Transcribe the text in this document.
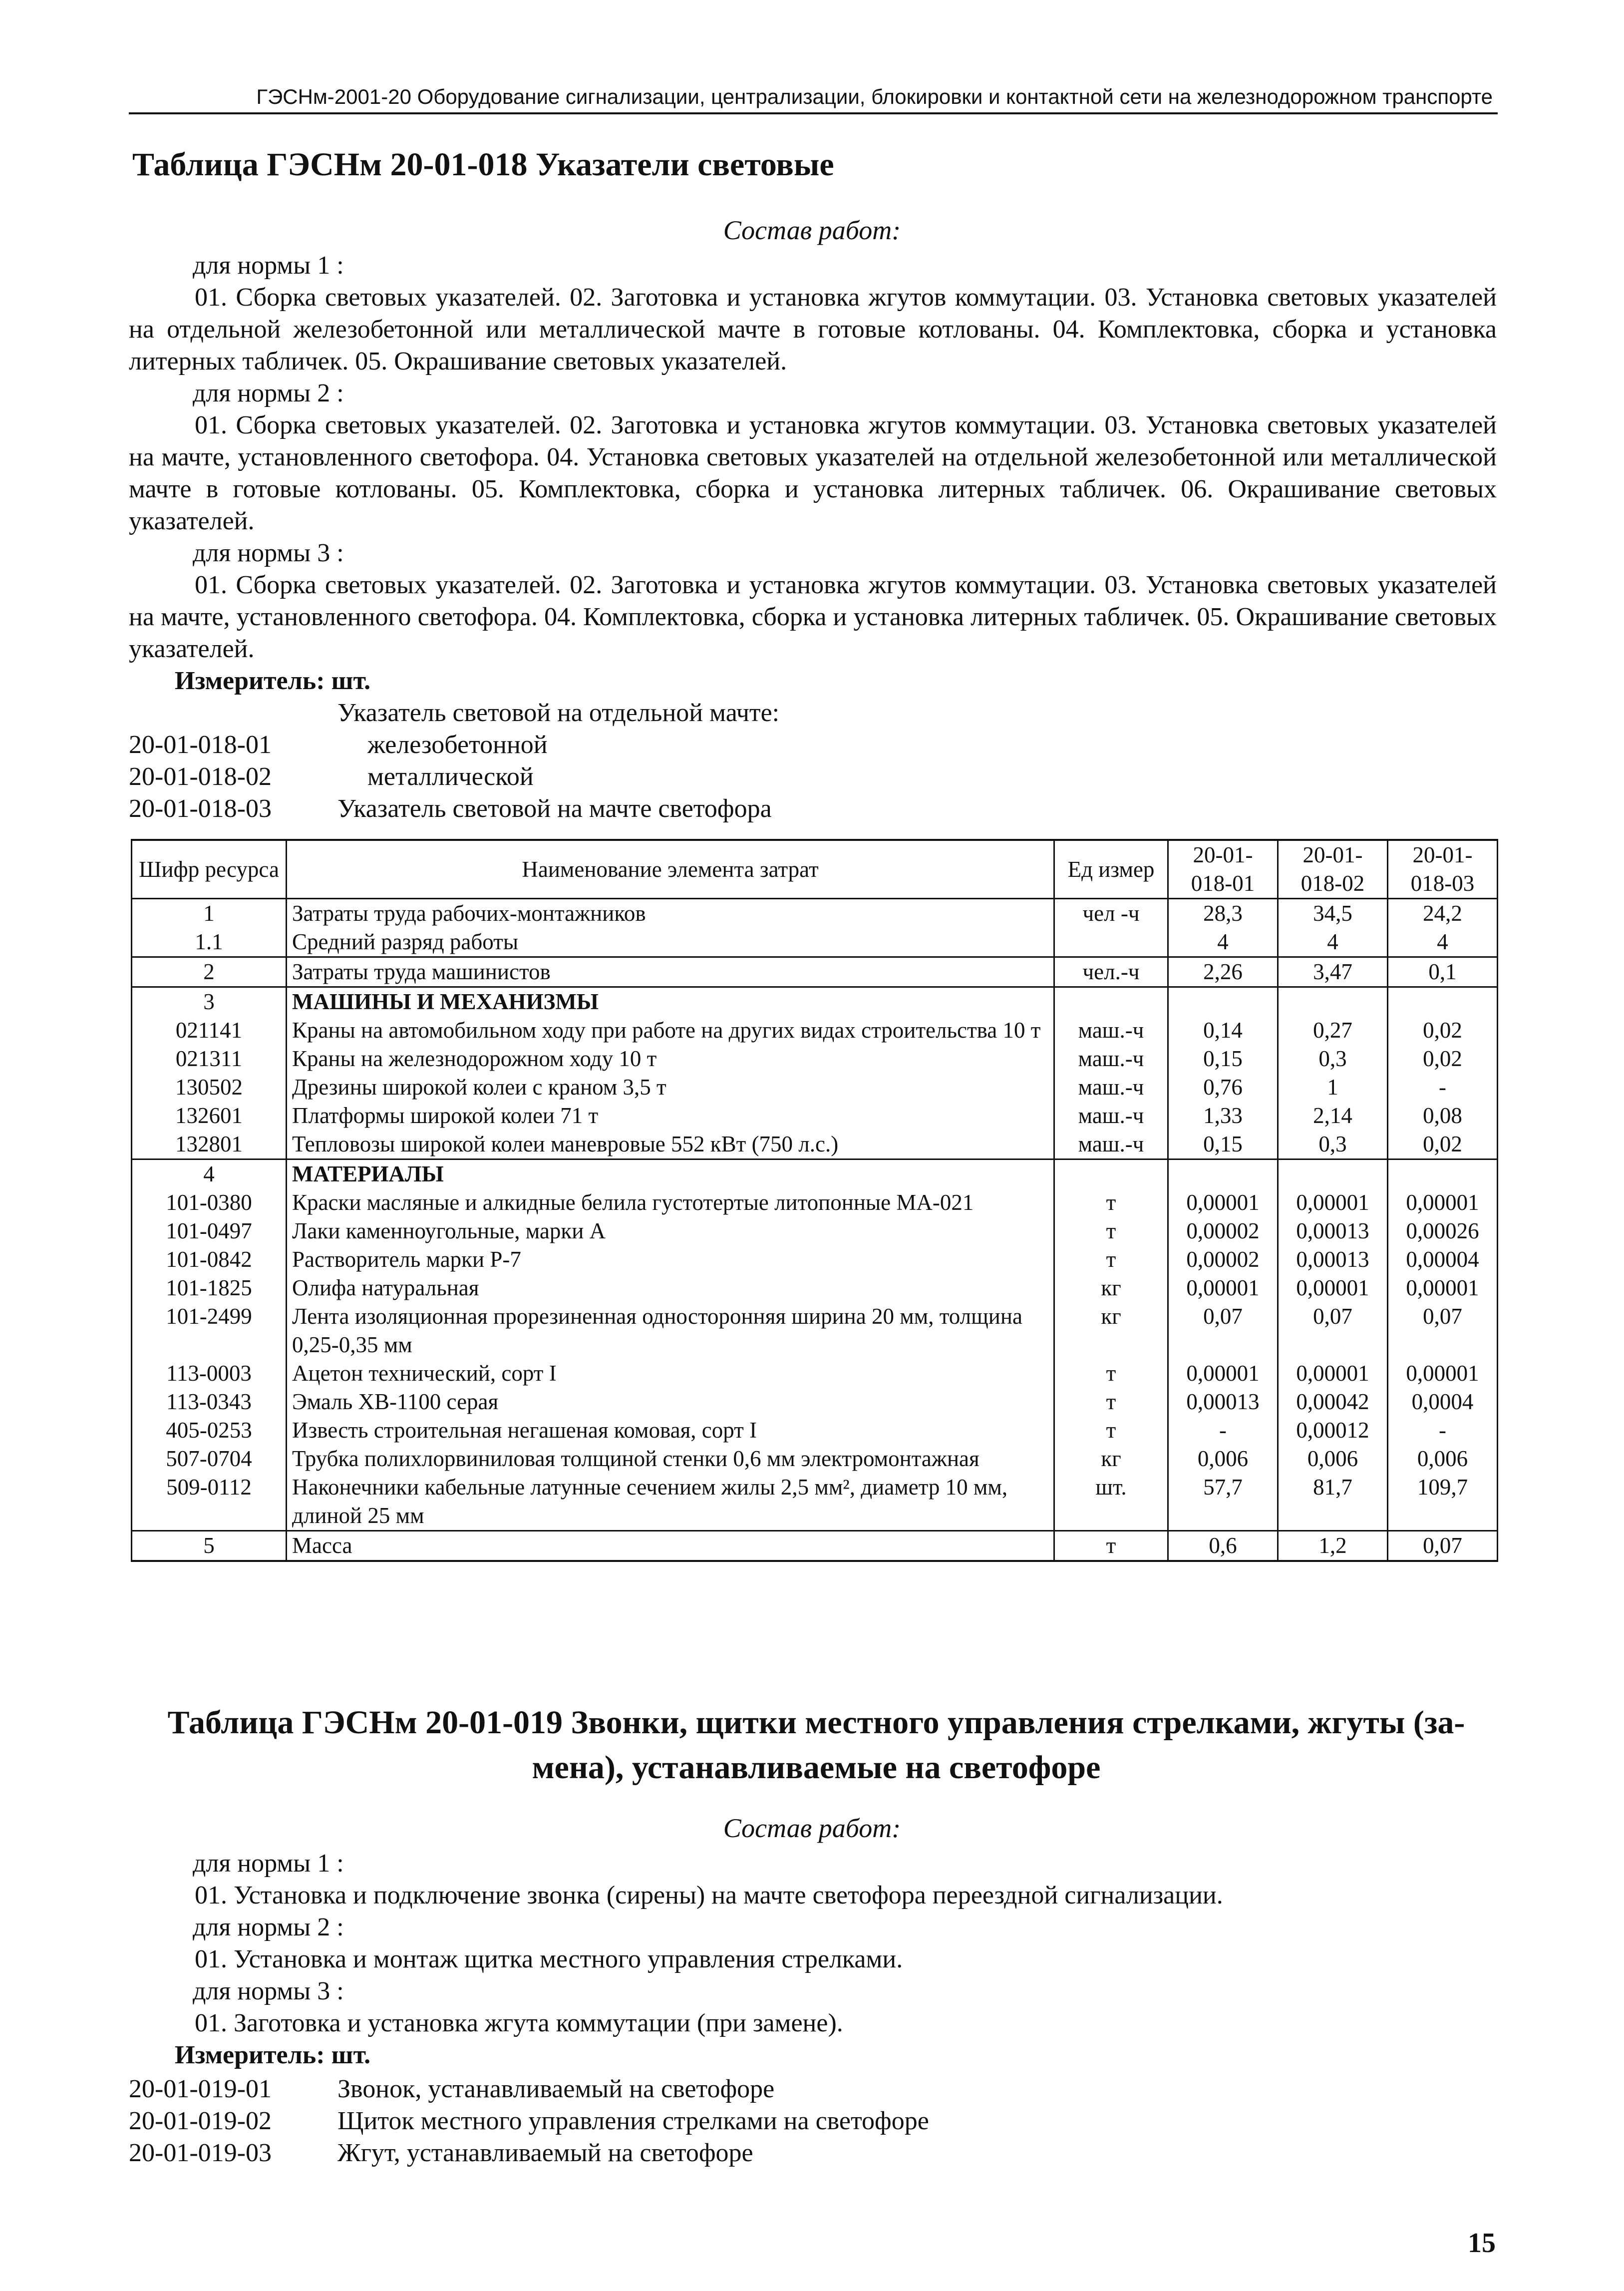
ГЭСНм-2001-20 Оборудование сигнализации, централизации, блокировки и контактной сети на железнодорожном транспорте
Таблица ГЭСНм 20-01-018 Указатели световые
Состав работ:
для нормы 1 :
01. Сборка световых указателей. 02. Заготовка и установка жгутов коммутации. 03. Установка световых указателей на отдельной железобетонной или металлической мачте в готовые котлованы. 04. Комплектовка, сборка и установка литерных табличек. 05. Окрашивание световых указателей.
для нормы 2 :
01. Сборка световых указателей. 02. Заготовка и установка жгутов коммутации. 03. Установка световых указателей на мачте, установленного светофора. 04. Установка световых указателей на отдельной железобетонной или металлической мачте в готовые котлованы. 05. Комплектовка, сборка и установка литерных табличек. 06. Окрашивание световых указателей.
для нормы 3 :
01. Сборка световых указателей. 02. Заготовка и установка жгутов коммутации. 03. Установка световых указателей на мачте, установленного светофора. 04. Комплектовка, сборка и установка литерных табличек. 05. Окрашивание световых указателей.
Измеритель: шт.
Указатель световой на отдельной мачте:
20-01-018-01	железобетонной
20-01-018-02	металлической
20-01-018-03	Указатель световой на мачте светофора
Шифр ресурса	Наименование элемента затрат	Ед измер	20-01-018-01	20-01-018-02	20-01-018-03
1	Затраты труда рабочих-монтажников	чел -ч	28,3	34,5	24,2
1.1	Средний разряд работы		4	4	4
2	Затраты труда машинистов	чел.-ч	2,26	3,47	0,1
3	МАШИНЫ И МЕХАНИЗМЫ				
021141	Краны на автомобильном ходу при работе на других видах строительства 10 т	маш.-ч	0,14	0,27	0,02
021311	Краны на железнодорожном ходу 10 т	маш.-ч	0,15	0,3	0,02
130502	Дрезины широкой колеи с краном 3,5 т	маш.-ч	0,76	1	-
132601	Платформы широкой колеи 71 т	маш.-ч	1,33	2,14	0,08
132801	Тепловозы широкой колеи маневровые 552 кВт (750 л.с.)	маш.-ч	0,15	0,3	0,02
4	МАТЕРИАЛЫ				
101-0380	Краски масляные и алкидные белила густотертые литопонные МА-021	т	0,00001	0,00001	0,00001
101-0497	Лаки каменноугольные, марки А	т	0,00002	0,00013	0,00026
101-0842	Растворитель марки Р-7	т	0,00002	0,00013	0,00004
101-1825	Олифа натуральная	кг	0,00001	0,00001	0,00001
101-2499	Лента изоляционная прорезиненная односторонняя ширина 20 мм, толщина 0,25-0,35 мм	кг	0,07	0,07	0,07
113-0003	Ацетон технический, сорт I	т	0,00001	0,00001	0,00001
113-0343	Эмаль ХВ-1100 серая	т	0,00013	0,00042	0,0004
405-0253	Известь строительная негашеная комовая, сорт I	т	-	0,00012	-
507-0704	Трубка полихлорвиниловая толщиной стенки 0,6 мм электромонтажная	кг	0,006	0,006	0,006
509-0112	Наконечники кабельные латунные сечением жилы 2,5 мм², диаметр 10 мм, длиной 25 мм	шт.	57,7	81,7	109,7
5	Масса	т	0,6	1,2	0,07
Таблица ГЭСНм 20-01-019 Звонки, щитки местного управления стрелками, жгуты (за-
мена), устанавливаемые на светофоре
Состав работ:
для нормы 1 :
01. Установка и подключение звонка (сирены) на мачте светофора переездной сигнализации.
для нормы 2 :
01. Установка и монтаж щитка местного управления стрелками.
для нормы 3 :
01. Заготовка и установка жгута коммутации (при замене).
Измеритель: шт.
20-01-019-01	Звонок, устанавливаемый на светофоре
20-01-019-02	Щиток местного управления стрелками на светофоре
20-01-019-03	Жгут, устанавливаемый на светофоре
15
